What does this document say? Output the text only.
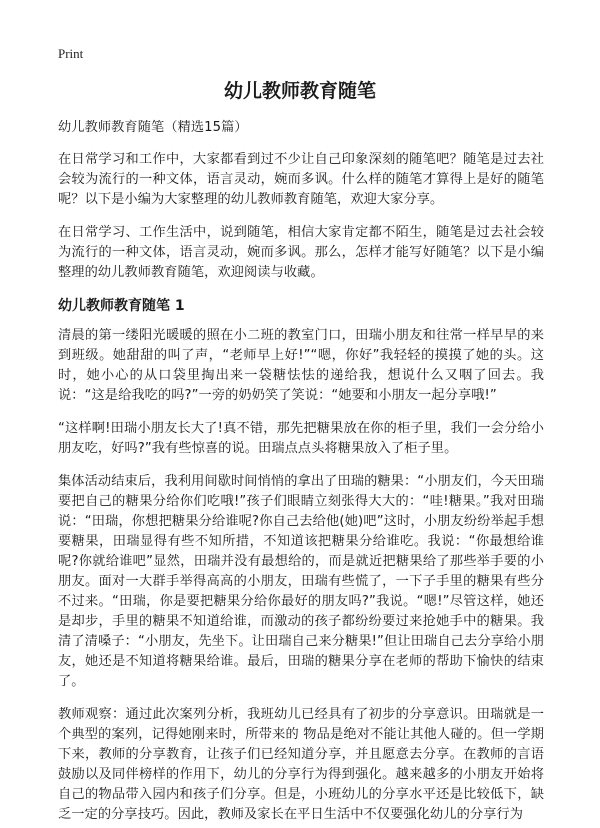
Print
幼儿教师教育随笔

幼儿教师教育随笔（精选15篇）

在日常学习和工作中，大家都看到过不少让自己印象深刻的随笔吧？随笔是过去社会较为流行的一种文体，语言灵动，婉而多讽。什么样的随笔才算得上是好的随笔呢？以下是小编为大家整理的幼儿教师教育随笔，欢迎大家分享。

在日常学习、工作生活中，说到随笔，相信大家肯定都不陌生，随笔是过去社会较为流行的一种文体，语言灵动，婉而多讽。那么，怎样才能写好随笔？以下是小编整理的幼儿教师教育随笔，欢迎阅读与收藏。

幼儿教师教育随笔 1

清晨的第一缕阳光暖暖的照在小二班的教室门口，田瑞小朋友和往常一样早早的来到班级。她甜甜的叫了声，“老师早上好!”“嗯，你好”我轻轻的摸摸了她的头。这时，她小心的从口袋里掏出来一袋糖怯怯的递给我，想说什么又咽了回去。我说：“这是给我吃的吗?”一旁的奶奶笑了笑说：“她要和小朋友一起分享哦!”

“这样啊!田瑞小朋友长大了!真不错，那先把糖果放在你的柜子里，我们一会分给小朋友吃，好吗?”我有些惊喜的说。田瑞点点头将糖果放入了柜子里。

集体活动结束后，我利用间歇时间悄悄的拿出了田瑞的糖果：“小朋友们，今天田瑞要把自己的糖果分给你们吃哦!”孩子们眼睛立刻张得大大的：“哇!糖果。”我对田瑞说：“田瑞，你想把糖果分给谁呢?你自己去给他(她)吧”这时，小朋友纷纷举起手想要糖果，田瑞显得有些不知所措，不知道该把糖果分给谁吃。我说：“你最想给谁呢?你就给谁吧”显然，田瑞并没有最想给的，而是就近把糖果给了那些举手要的小朋友。面对一大群手举得高高的小朋友，田瑞有些慌了，一下子手里的糖果有些分不过来。“田瑞，你是要把糖果分给你最好的朋友吗?”我说。“嗯!”尽管这样，她还是却步，手里的糖果不知道给谁，而激动的孩子都纷纷要过来抢她手中的糖果。我清了清嗓子：“小朋友，先坐下。让田瑞自己来分糖果!”但让田瑞自己去分享给小朋友，她还是不知道将糖果给谁。最后，田瑞的糖果分享在老师的帮助下愉快的结束了。

教师观察：通过此次案列分析，我班幼儿已经具有了初步的分享意识。田瑞就是一个典型的案列，记得她刚来时，所带来的 物品是绝对不能让其他人碰的。但一学期下来，教师的分享教育，让孩子们已经知道分享，并且愿意去分享。在教师的言语鼓励以及同伴榜样的作用下，幼儿的分享行为得到强化。越来越多的小朋友开始将自己的物品带入园内和孩子们分享。但是，小班幼儿的分享水平还是比较低下，缺乏一定的分享技巧。因此，教师及家长在平日生活中不仅要强化幼儿的分享行为
